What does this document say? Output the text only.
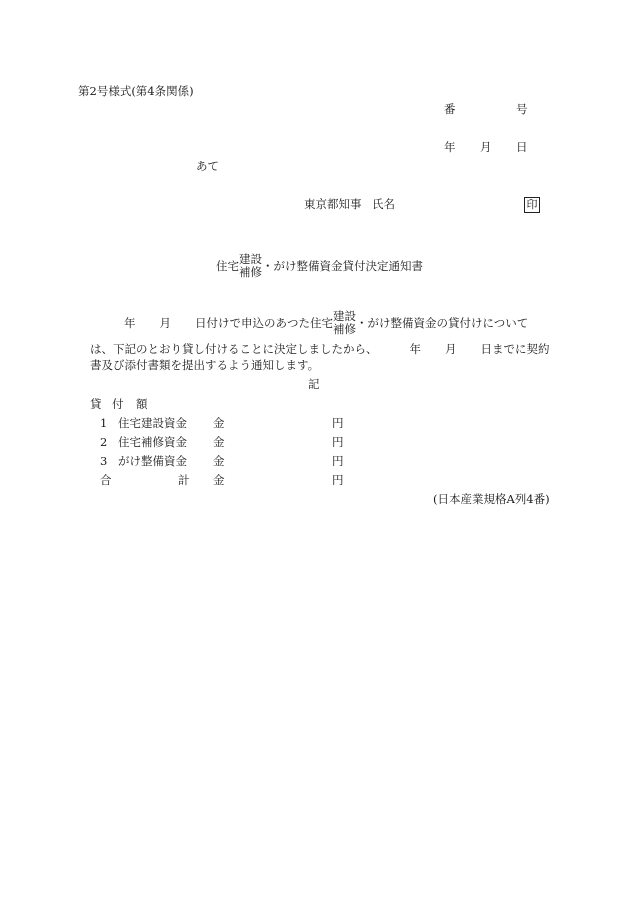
第2号様式(第4条関係)
番	号
年 月 日
あて
東京都知事 氏名	印
住宅 建設
補修 ・がけ整備資金貸付決定通知書
年 月 日付けで申込のあつた住宅 建設
補修 ・がけ整備資金の貸付けについて
は、下記のとおり貸し付けることに決定しましたから、	年 月 日までに契約
書及び添付書類を提出するよう通知します。
記
貸 付 額
1 住宅建設資金 金	円
2 住宅補修資金 金	円
3 がけ整備資金 金	円
合	計 金	円
(日本産業規格A列4番)
